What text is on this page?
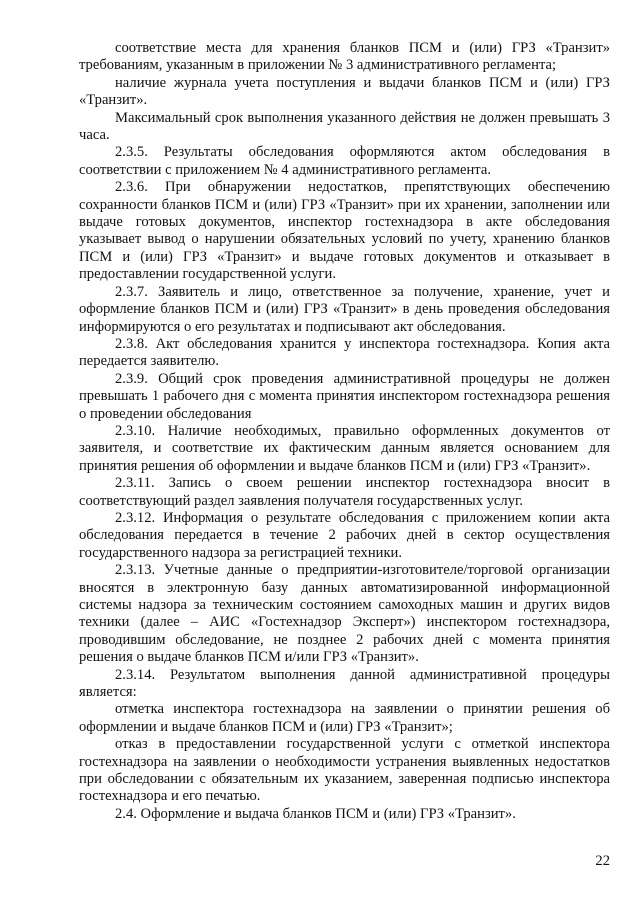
соответствие места для хранения бланков ПСМ и (или) ГРЗ «Транзит» требованиям, указанным в приложении № 3 административного регламента;

наличие журнала учета поступления и выдачи бланков ПСМ и (или) ГРЗ «Транзит».

Максимальный срок выполнения указанного действия не должен превышать 3 часа.

2.3.5. Результаты обследования оформляются актом обследования в соответствии с приложением № 4 административного регламента.

2.3.6. При обнаружении недостатков, препятствующих обеспечению сохранности бланков ПСМ и (или) ГРЗ «Транзит» при их хранении, заполнении или выдаче готовых документов, инспектор гостехнадзора в акте обследования указывает вывод о нарушении обязательных условий по учету, хранению бланков ПСМ и (или) ГРЗ «Транзит» и выдаче готовых документов и отказывает в предоставлении государственной услуги.

2.3.7. Заявитель и лицо, ответственное за получение, хранение, учет и оформление бланков ПСМ и (или) ГРЗ «Транзит» в день проведения обследования информируются о его результатах и подписывают акт обследования.

2.3.8. Акт обследования хранится у инспектора гостехнадзора. Копия акта передается заявителю.

2.3.9. Общий срок проведения административной процедуры не должен превышать 1 рабочего дня с момента принятия инспектором гостехнадзора решения о проведении обследования

2.3.10. Наличие необходимых, правильно оформленных документов от заявителя, и соответствие их фактическим данным является основанием для принятия решения об оформлении и выдаче бланков ПСМ и (или) ГРЗ «Транзит».

2.3.11. Запись о своем решении инспектор гостехнадзора вносит в соответствующий раздел заявления получателя государственных услуг.

2.3.12. Информация о результате обследования с приложением копии акта обследования передается в течение 2 рабочих дней в сектор осуществления государственного надзора за регистрацией техники.

2.3.13. Учетные данные о предприятии-изготовителе/торговой организации вносятся в электронную базу данных автоматизированной информационной системы надзора за техническим состоянием самоходных машин и других видов техники (далее – АИС «Гостехнадзор Эксперт») инспектором гостехнадзора, проводившим обследование, не позднее 2 рабочих дней с момента принятия решения о выдаче бланков ПСМ и/или ГРЗ «Транзит».

2.3.14. Результатом выполнения данной административной процедуры является:

отметка инспектора гостехнадзора на заявлении о принятии решения об оформлении и выдаче бланков ПСМ и (или) ГРЗ «Транзит»;

отказ в предоставлении государственной услуги с отметкой инспектора гостехнадзора на заявлении о необходимости устранения выявленных недостатков при обследовании с обязательным их указанием, заверенная подписью инспектора гостехнадзора и его печатью.

2.4. Оформление и выдача бланков ПСМ и (или) ГРЗ «Транзит».

22
